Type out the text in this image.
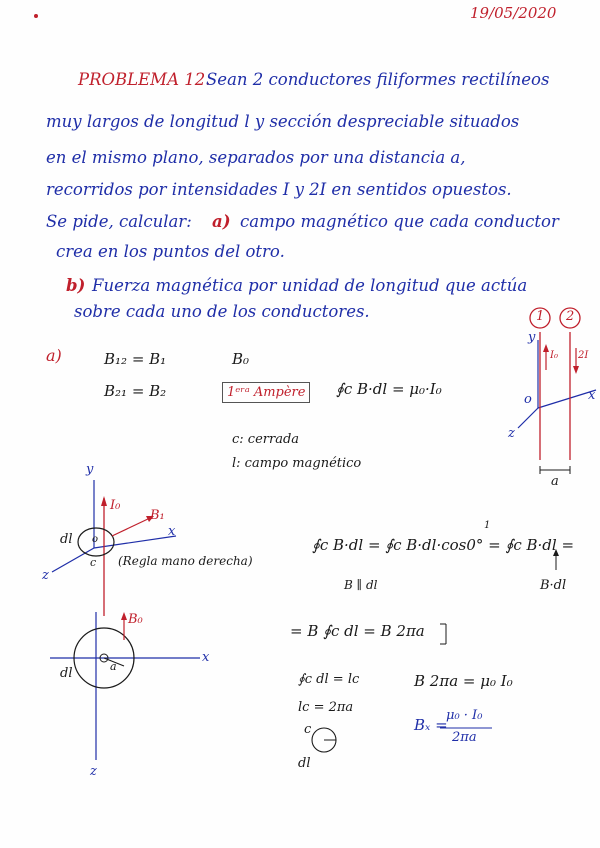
19/05/2020
PROBLEMA 12.
Sean 2 conductores filiformes rectilíneos
muy largos de longitud l y sección despreciable situados
en el mismo plano, separados por una distancia a,
recorridos por intensidades I y 2I en sentidos opuestos.
Se pide, calcular: a) campo magnético que cada conductor
crea en los puntos del otro.
b) Fuerza magnética por unidad de longitud que actúa
sobre cada uno de los conductores.
a)	B₁₂ = B₁
B₂₁ = B₂
B₀
1ᵉʳᵃ Ampère	∮c B·dl = μ₀·I₀
c: cerrada
l: campo magnético
1 2
y
o	x
z
I₀ 2I
a
y
x
z
I₀
B₁
dl
c
o
(Regla mano derecha)
∮c B·dl = ∮c B·dl·cos0° = ∮c B·dl =
1
B ∥ dl	B·dl
= B ∮c dl = B 2πa
∮c dl = lc	B 2πa = μ₀ I₀
lc = 2πa
Bₓ =
μ₀ · I₀
2πa
c
dl
B₀
x
z
dl	a
